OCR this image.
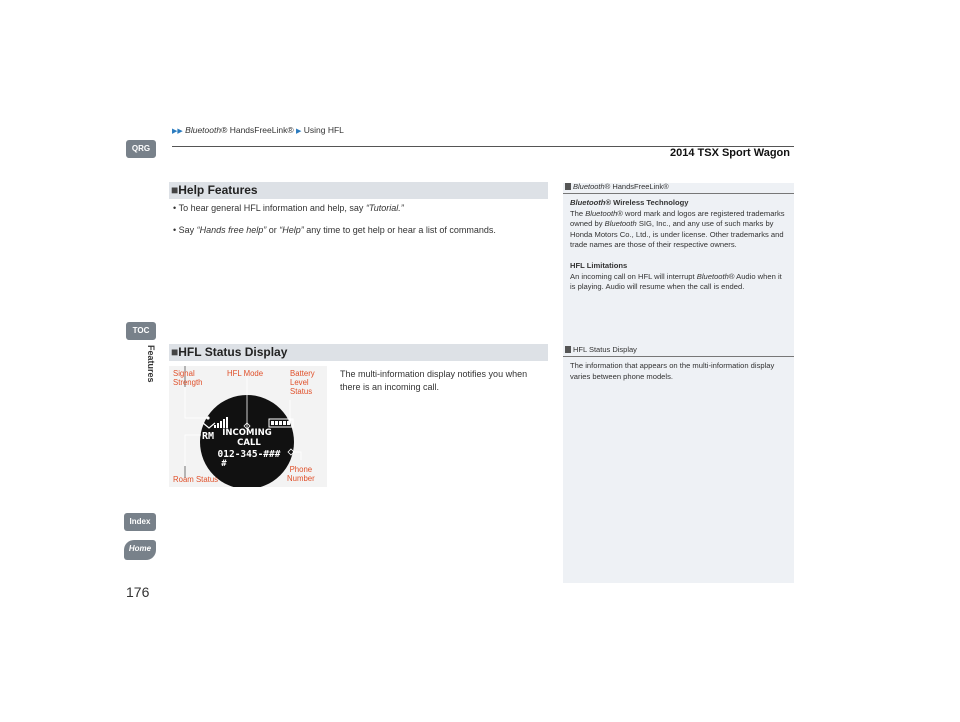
▶▶ Bluetooth® HandsFreeLink® ▶ Using HFL
2014 TSX Sport Wagon
QRG
TOC
Features
Index
Home
176
■Help Features
• To hear general HFL information and help, say “Tutorial.”
• Say “Hands free help” or “Help” any time to get help or hear a list of commands.
■HFL Status Display
The multi-information display notifies you when there is an incoming call.
RM INCOMING
CALL
012-345-###
#
Signal
Strength
HFL Mode	Battery
Level
Status
Roam Status
Phone
Number
Bluetooth® HandsFreeLink®
Bluetooth® Wireless Technology
The Bluetooth® word mark and logos are registered trademarks owned by Bluetooth SIG, Inc., and any use of such marks by Honda Motors Co., Ltd., is under license. Other trademarks and trade names are those of their respective owners.
HFL Limitations
An incoming call on HFL will interrupt Bluetooth® Audio when it is playing. Audio will resume when the call is ended.
HFL Status Display
The information that appears on the multi-information display varies between phone models.
